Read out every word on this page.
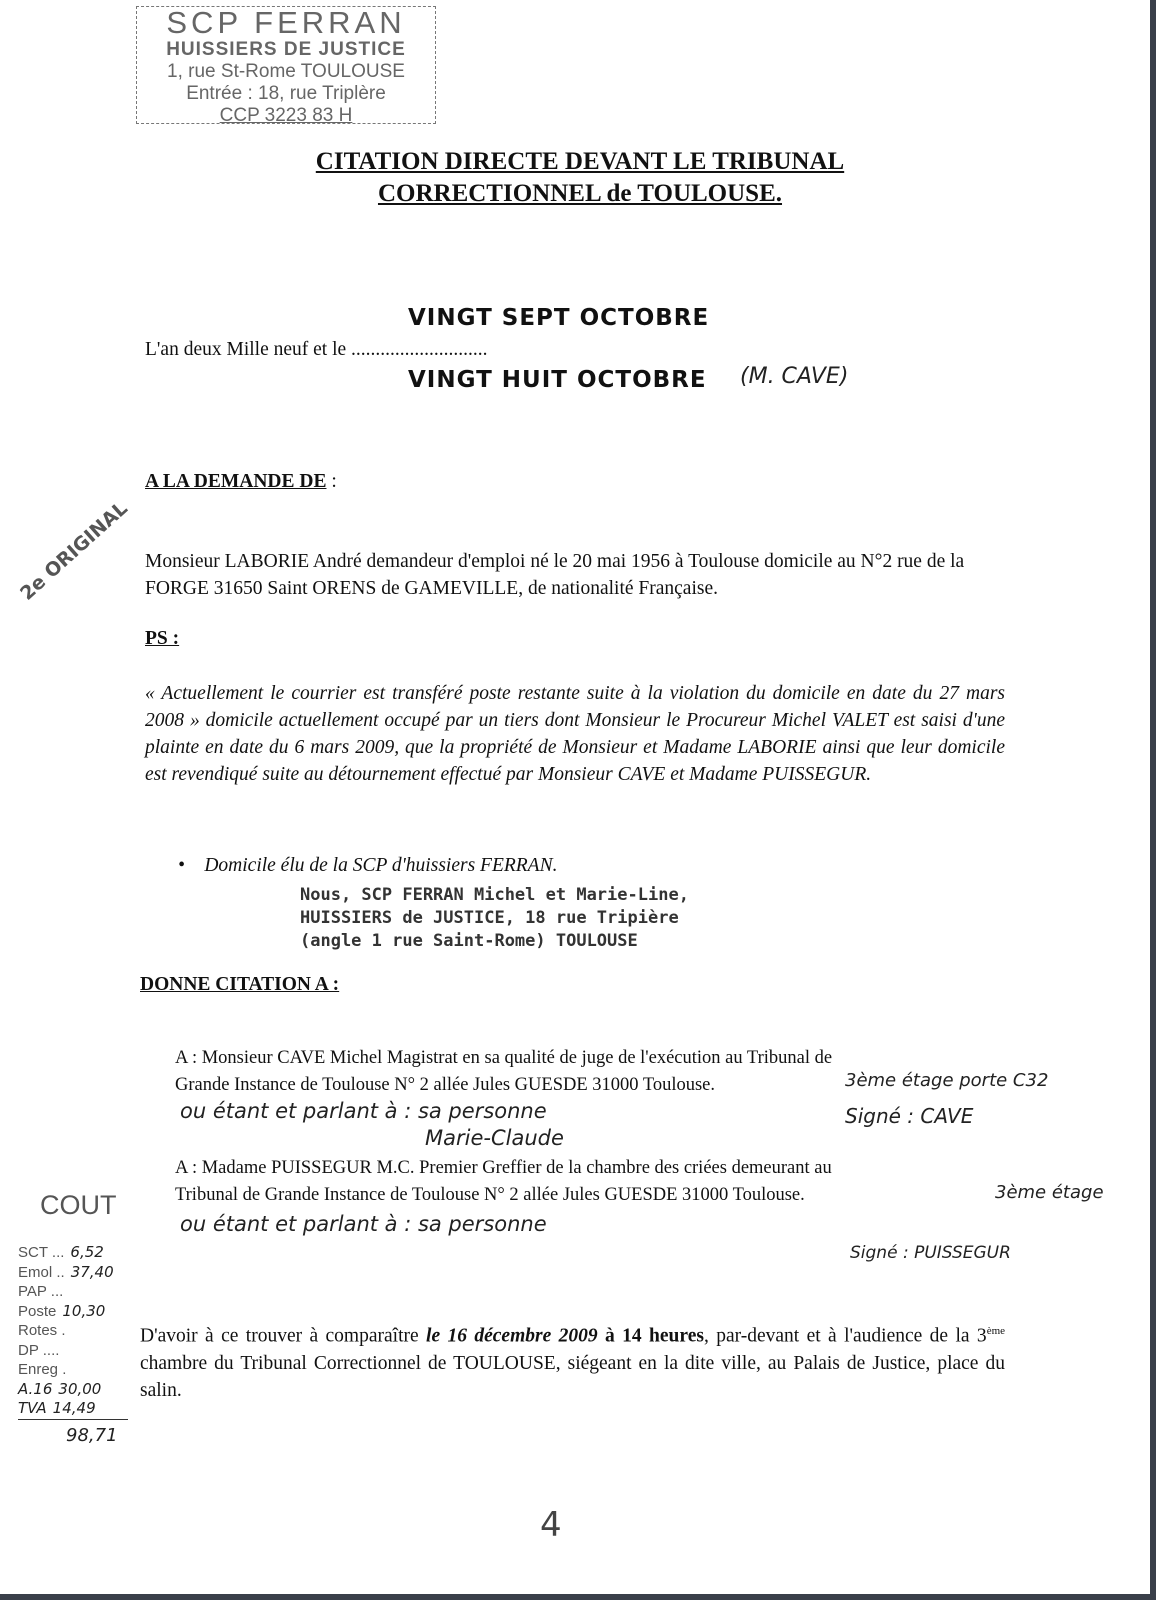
SCP FERRAN
HUISSIERS DE JUSTICE
1, rue St-Rome TOULOUSE
Entrée : 18, rue Triplère
CCP 3223 83 H
CITATION DIRECTE DEVANT LE TRIBUNAL
CORRECTIONNEL de TOULOUSE.
VINGT SEPT OCTOBRE
L'an deux Mille neuf et le ............................
VINGT HUIT OCTOBRE (M. CAVE)
A LA DEMANDE DE :
2e ORIGINAL Monsieur LABORIE André demandeur d'emploi né le 20 mai 1956 à Toulouse domicile au N°2 rue de la FORGE 31650 Saint ORENS de GAMEVILLE, de nationalité Française.
PS :
« Actuellement le courrier est transféré poste restante suite à la violation du domicile en date du 27 mars 2008 » domicile actuellement occupé par un tiers dont Monsieur le Procureur Michel VALET est saisi d'une plainte en date du 6 mars 2009, que la propriété de Monsieur et Madame LABORIE ainsi que leur domicile est revendiqué suite au détournement effectué par Monsieur CAVE et Madame PUISSEGUR.
•    Domicile élu de la SCP d'huissiers FERRAN.
Nous, SCP FERRAN Michel et Marie-Line,
HUISSIERS de JUSTICE, 18 rue Tripière
(angle 1 rue Saint-Rome) TOULOUSE
DONNE CITATION A :
A : Monsieur CAVE Michel Magistrat en sa qualité de juge de l'exécution au Tribunal de
Grande Instance de Toulouse N° 2 allée Jules GUESDE 31000 Toulouse.	3ème étage porte C32
ou étant et parlant à : sa personne	Signé : CAVE
Marie-Claude
A : Madame PUISSEGUR M.C. Premier Greffier de la chambre des criées demeurant au
Tribunal de Grande Instance de Toulouse N° 2 allée Jules GUESDE 31000 Toulouse.	3ème étage
ou étant et parlant à : sa personne
Signé : PUISSEGUR
COUT
SCT ... 6,52
Emol .. 37,40
PAP ...
Poste 10,30
Rotes .
DP ....
Enreg .
A.16 30,00
TVA 14,49
98,71
D'avoir à ce trouver à comparaître le 16 décembre 2009 à 14 heures, par-devant et à l'audience de la 3ème chambre du Tribunal Correctionnel de TOULOUSE, siégeant en la dite ville, au Palais de Justice, place du salin.
4
